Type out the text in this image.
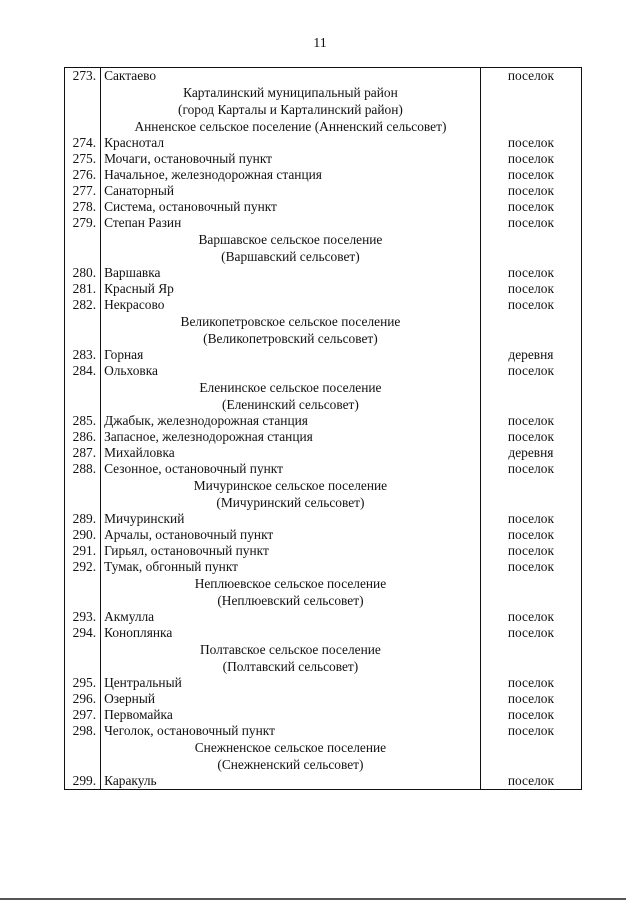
11
273.	Сактаево	поселок

	Карталинский муниципальный район
(город Карталы и Карталинский район)	

	Анненское сельское поселение (Анненский сельсовет)	

274.	Краснотал	поселок
275.	Мочаги, остановочный пункт	поселок
276.	Начальное, железнодорожная станция	поселок
277.	Санаторный	поселок
278.	Система, остановочный пункт	поселок
279.	Степан Разин	поселок

	Варшавское сельское поселение
(Варшавский сельсовет)	

280.	Варшавка	поселок
281.	Красный Яр	поселок
282.	Некрасово	поселок

	Великопетровское сельское поселение
(Великопетровский сельсовет)	

283.	Горная	деревня
284.	Ольховка	поселок

	Еленинское сельское поселение
(Еленинский сельсовет)	

285.	Джабык, железнодорожная станция	поселок
286.	Запасное, железнодорожная станция	поселок
287.	Михайловка	деревня
288.	Сезонное, остановочный пункт	поселок

	Мичуринское сельское поселение
(Мичуринский сельсовет)	

289.	Мичуринский	поселок
290.	Арчалы, остановочный пункт	поселок
291.	Гирьял, остановочный пункт	поселок
292.	Тумак, обгонный пункт	поселок

	Неплюевское сельское поселение
(Неплюевский сельсовет)	

293.	Акмулла	поселок
294.	Коноплянка	поселок

	Полтавское сельское поселение
(Полтавский сельсовет)	

295.	Центральный	поселок
296.	Озерный	поселок
297.	Первомайка	поселок
298.	Чеголок, остановочный пункт	поселок

	Снежненское сельское поселение
(Снежненский сельсовет)	

299.	Каракуль	поселок
